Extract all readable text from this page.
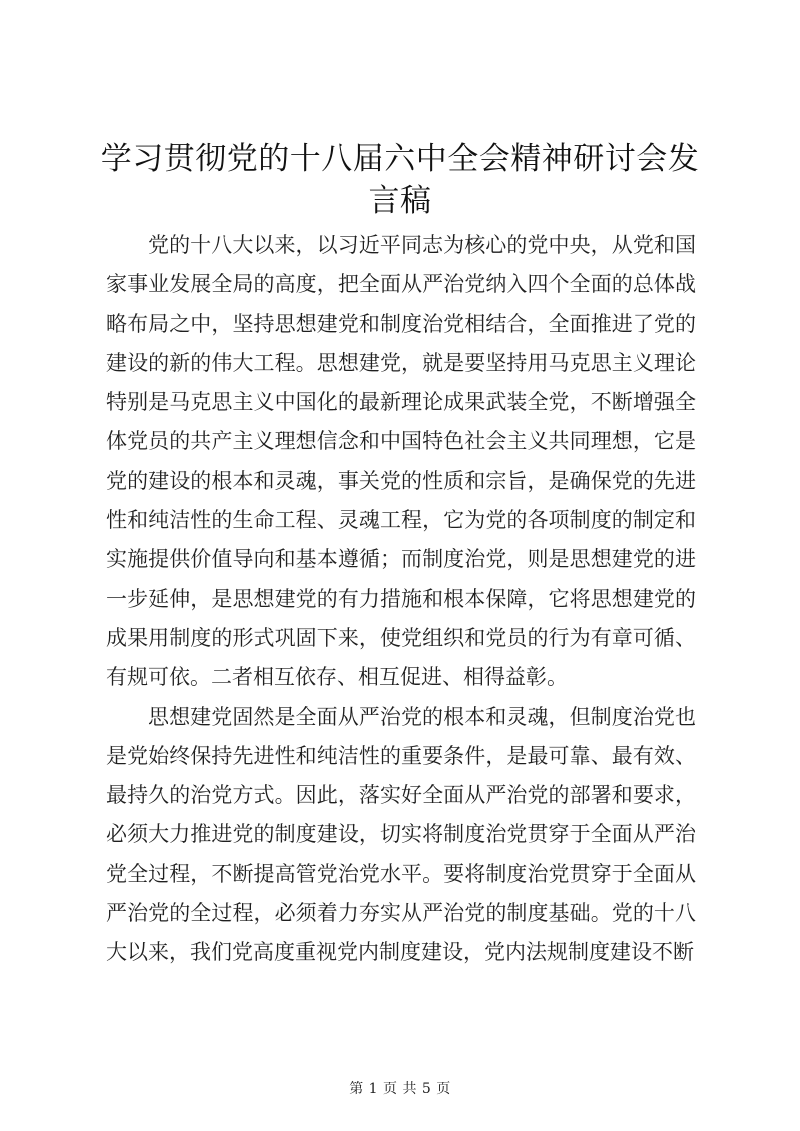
学习贯彻党的十八届六中全会精神研讨会发言稿

党的十八大以来，以习近平同志为核心的党中央，从党和国家事业发展全局的高度，把全面从严治党纳入四个全面的总体战略布局之中，坚持思想建党和制度治党相结合，全面推进了党的建设的新的伟大工程。思想建党，就是要坚持用马克思主义理论特别是马克思主义中国化的最新理论成果武装全党，不断增强全体党员的共产主义理想信念和中国特色社会主义共同理想，它是党的建设的根本和灵魂，事关党的性质和宗旨，是确保党的先进性和纯洁性的生命工程、灵魂工程，它为党的各项制度的制定和实施提供价值导向和基本遵循；而制度治党，则是思想建党的进一步延伸，是思想建党的有力措施和根本保障，它将思想建党的成果用制度的形式巩固下来，使党组织和党员的行为有章可循、有规可依。二者相互依存、相互促进、相得益彰。

思想建党固然是全面从严治党的根本和灵魂，但制度治党也是党始终保持先进性和纯洁性的重要条件，是最可靠、最有效、最持久的治党方式。因此，落实好全面从严治党的部署和要求，必须大力推进党的制度建设，切实将制度治党贯穿于全面从严治党全过程，不断提高管党治党水平。要将制度治党贯穿于全面从严治党的全过程，必须着力夯实从严治党的制度基础。党的十八大以来，我们党高度重视党内制度建设，党内法规制度建设不断

第 1 页 共 5 页
